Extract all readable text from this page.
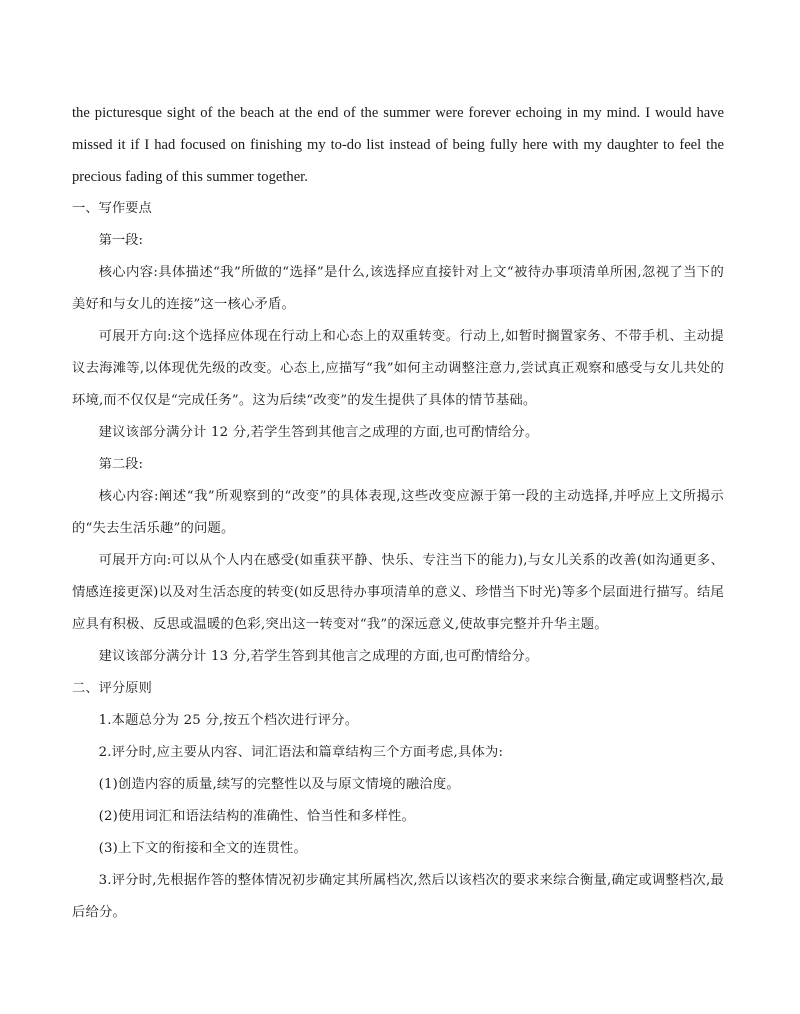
the picturesque sight of the beach at the end of the summer were forever echoing in my mind. I would have missed it if I had focused on finishing my to-do list instead of being fully here with my daughter to feel the precious fading of this summer together.

一、写作要点

第一段:

核心内容:具体描述“我”所做的“选择”是什么,该选择应直接针对上文“被待办事项清单所困,忽视了当下的美好和与女儿的连接”这一核心矛盾。

可展开方向:这个选择应体现在行动上和心态上的双重转变。行动上,如暂时搁置家务、不带手机、主动提议去海滩等,以体现优先级的改变。心态上,应描写“我”如何主动调整注意力,尝试真正观察和感受与女儿共处的环境,而不仅仅是“完成任务”。这为后续“改变”的发生提供了具体的情节基础。

建议该部分满分计 12 分,若学生答到其他言之成理的方面,也可酌情给分。

第二段:

核心内容:阐述“我”所观察到的“改变”的具体表现,这些改变应源于第一段的主动选择,并呼应上文所揭示的“失去生活乐趣”的问题。

可展开方向:可以从个人内在感受(如重获平静、快乐、专注当下的能力),与女儿关系的改善(如沟通更多、情感连接更深)以及对生活态度的转变(如反思待办事项清单的意义、珍惜当下时光)等多个层面进行描写。结尾应具有积极、反思或温暖的色彩,突出这一转变对“我”的深远意义,使故事完整并升华主题。

建议该部分满分计 13 分,若学生答到其他言之成理的方面,也可酌情给分。

二、评分原则

1.本题总分为 25 分,按五个档次进行评分。

2.评分时,应主要从内容、词汇语法和篇章结构三个方面考虑,具体为:

(1)创造内容的质量,续写的完整性以及与原文情境的融洽度。

(2)使用词汇和语法结构的准确性、恰当性和多样性。

(3)上下文的衔接和全文的连贯性。

3.评分时,先根据作答的整体情况初步确定其所属档次,然后以该档次的要求来综合衡量,确定或调整档次,最后给分。
